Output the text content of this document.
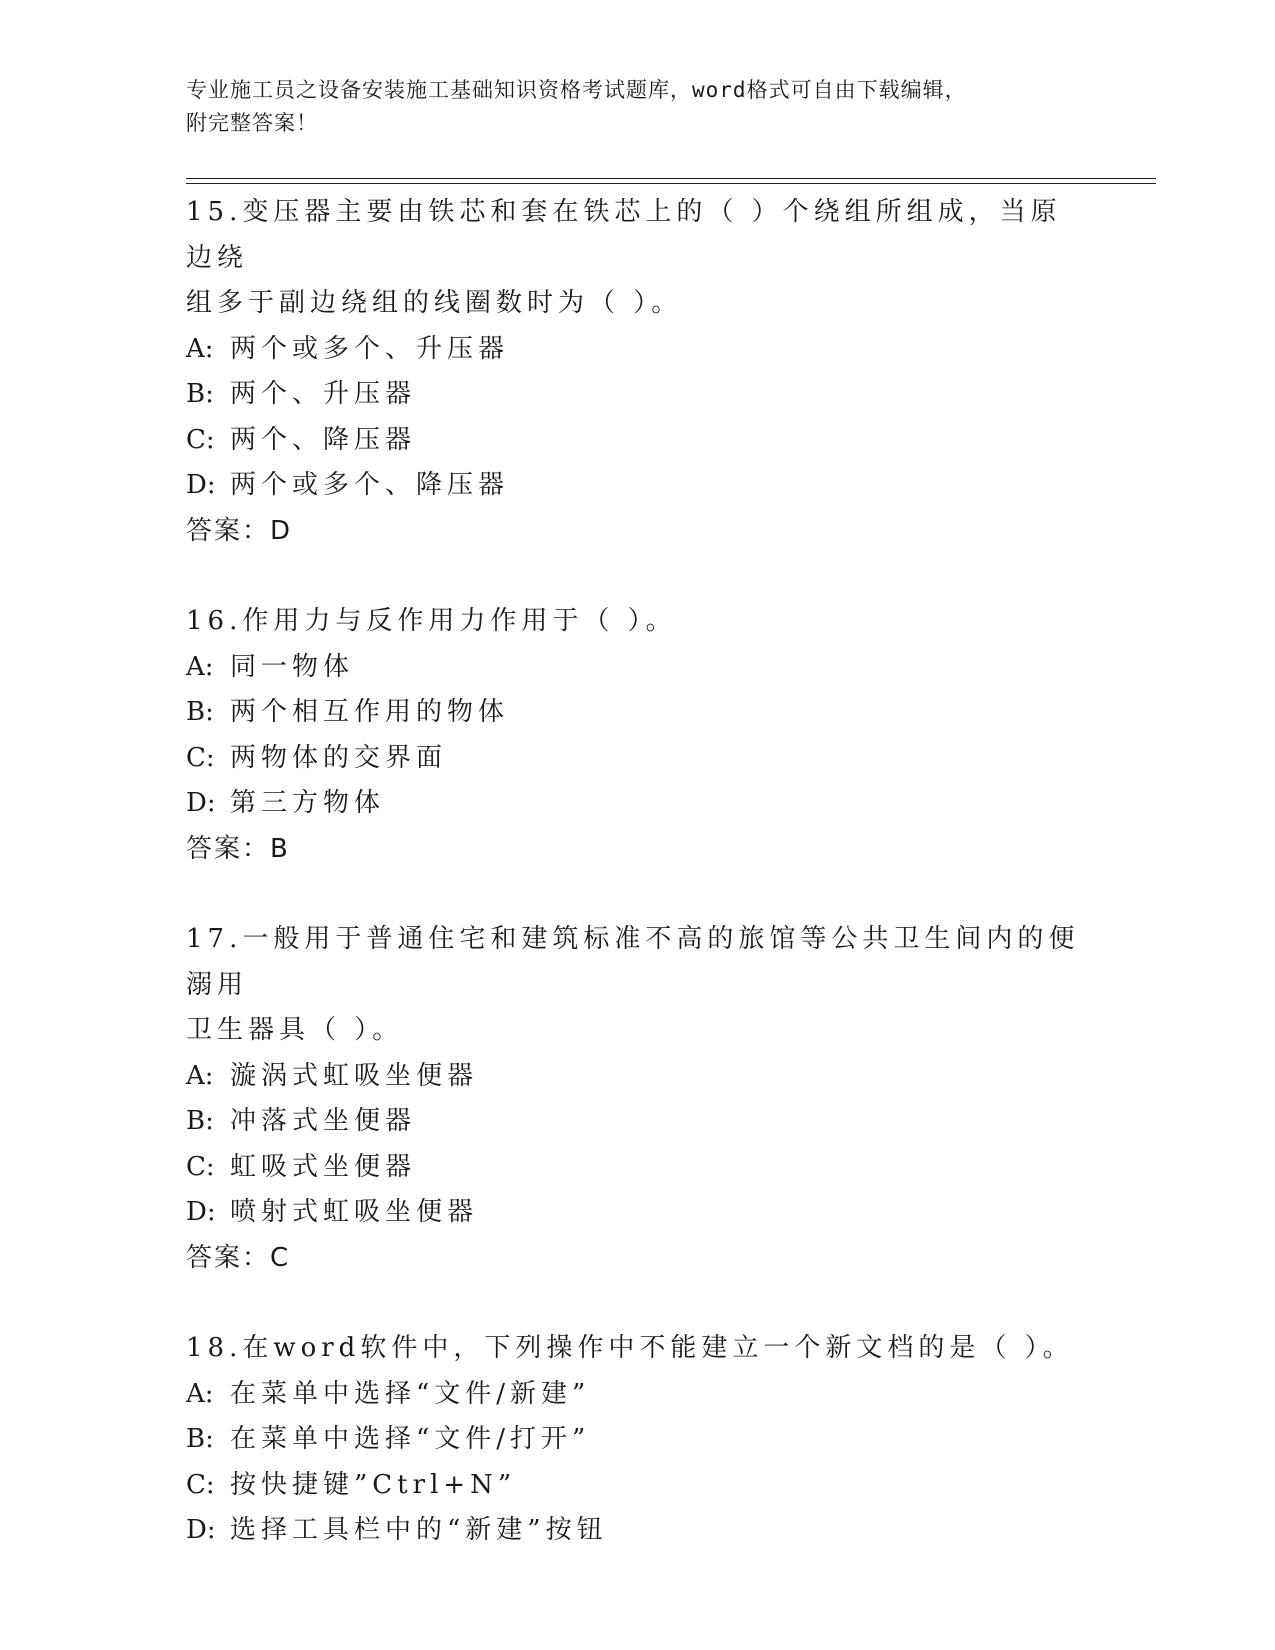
专业施工员之设备安装施工基础知识资格考试题库，word格式可自由下载编辑，
附完整答案！

15.变压器主要由铁芯和套在铁芯上的（ ）个绕组所组成，当原边绕

组多于副边绕组的线圈数时为（ ）。

A: 两个或多个、升压器

B: 两个、升压器

C: 两个、降压器

D: 两个或多个、降压器

答案：D

16.作用力与反作用力作用于（ ）。

A: 同一物体

B: 两个相互作用的物体

C: 两物体的交界面

D: 第三方物体

答案：B

17.一般用于普通住宅和建筑标准不高的旅馆等公共卫生间内的便溺用

卫生器具（ ）。

A: 漩涡式虹吸坐便器

B: 冲落式坐便器

C: 虹吸式坐便器

D: 喷射式虹吸坐便器

答案：C

18.在word软件中，下列操作中不能建立一个新文档的是（ ）。

A: 在菜单中选择“文件/新建”

B: 在菜单中选择“文件/打开”

C: 按快捷键”Ctrl+N”

D: 选择工具栏中的“新建”按钮
